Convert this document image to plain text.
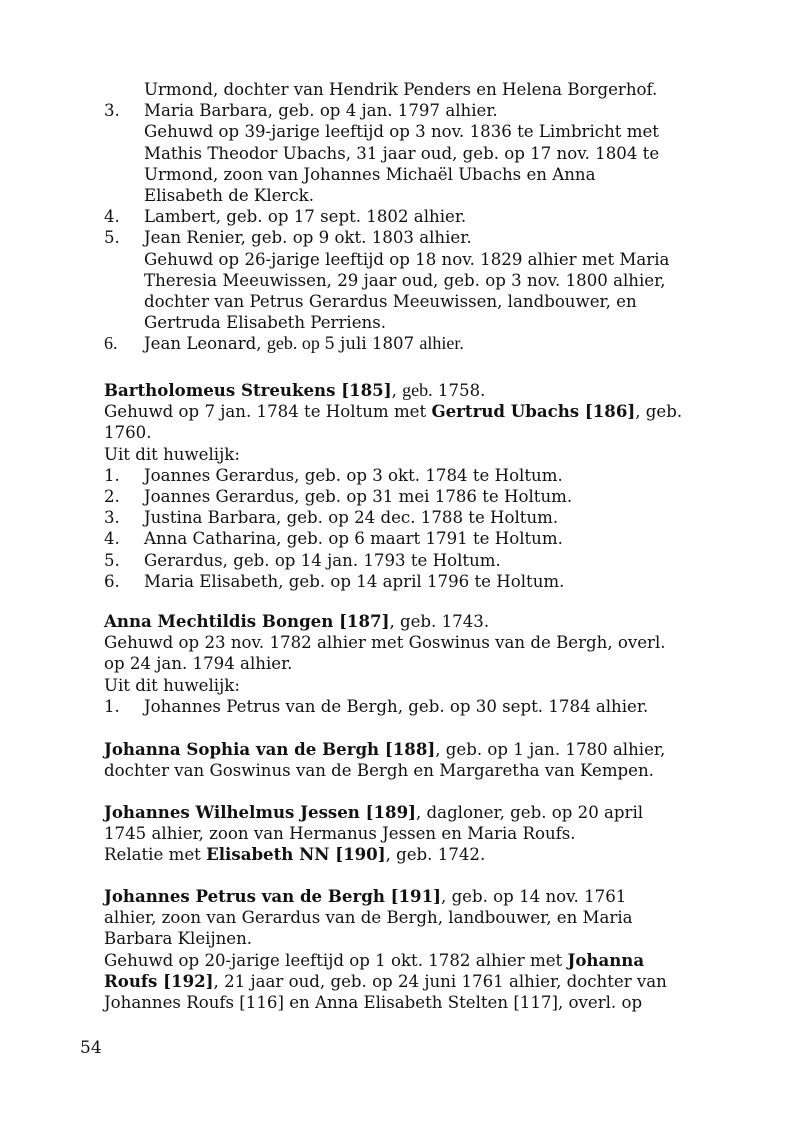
Urmond, dochter van Hendrik Penders en Helena Borgerhof.
3.	Maria Barbara, geb. op 4 jan. 1797 alhier.
Gehuwd op 39-jarige leeftijd op 3 nov. 1836 te Limbricht met
Mathis Theodor Ubachs, 31 jaar oud, geb. op 17 nov. 1804 te
Urmond, zoon van Johannes Michaël Ubachs en Anna
Elisabeth de Klerck.
4.	Lambert, geb. op 17 sept. 1802 alhier.
5.	Jean Renier, geb. op 9 okt. 1803 alhier.
Gehuwd op 26-jarige leeftijd op 18 nov. 1829 alhier met Maria
Theresia Meeuwissen, 29 jaar oud, geb. op 3 nov. 1800 alhier,
dochter van Petrus Gerardus Meeuwissen, landbouwer, en
Gertruda Elisabeth Perriens.
6.	Jean Leonard, geb. op 5 juli 1807 alhier.
Bartholomeus Streukens [185], geb. 1758.
Gehuwd op 7 jan. 1784 te Holtum met Gertrud Ubachs [186], geb.
1760.
Uit dit huwelijk:
1.	Joannes Gerardus, geb. op 3 okt. 1784 te Holtum.
2.	Joannes Gerardus, geb. op 31 mei 1786 te Holtum.
3.	Justina Barbara, geb. op 24 dec. 1788 te Holtum.
4.	Anna Catharina, geb. op 6 maart 1791 te Holtum.
5.	Gerardus, geb. op 14 jan. 1793 te Holtum.
6.	Maria Elisabeth, geb. op 14 april 1796 te Holtum.
Anna Mechtildis Bongen [187], geb. 1743.
Gehuwd op 23 nov. 1782 alhier met Goswinus van de Bergh, overl.
op 24 jan. 1794 alhier.
Uit dit huwelijk:
1.	Johannes Petrus van de Bergh, geb. op 30 sept. 1784 alhier.
Johanna Sophia van de Bergh [188], geb. op 1 jan. 1780 alhier,
dochter van Goswinus van de Bergh en Margaretha van Kempen.
Johannes Wilhelmus Jessen [189], dagloner, geb. op 20 april
1745 alhier, zoon van Hermanus Jessen en Maria Roufs.
Relatie met Elisabeth NN [190], geb. 1742.
Johannes Petrus van de Bergh [191], geb. op 14 nov. 1761
alhier, zoon van Gerardus van de Bergh, landbouwer, en Maria
Barbara Kleijnen.
Gehuwd op 20-jarige leeftijd op 1 okt. 1782 alhier met Johanna
Roufs [192], 21 jaar oud, geb. op 24 juni 1761 alhier, dochter van
Johannes Roufs [116] en Anna Elisabeth Stelten [117], overl. op
54
